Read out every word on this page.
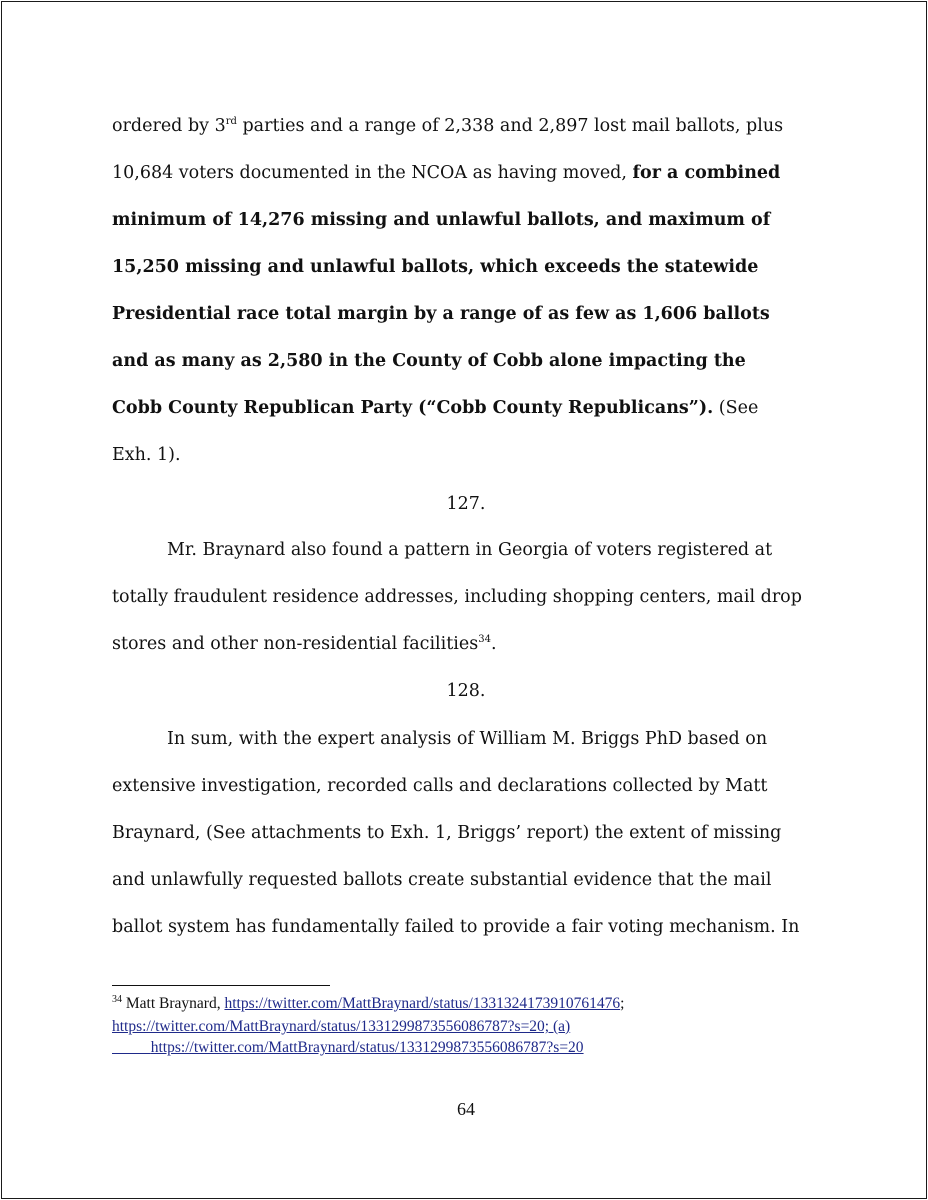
ordered by 3rd parties and a range of 2,338 and 2,897 lost mail ballots, plus
10,684 voters documented in the NCOA as having moved, for a combined
minimum of 14,276 missing and unlawful ballots, and maximum of
15,250 missing and unlawful ballots, which exceeds the statewide
Presidential race total margin by a range of as few as 1,606 ballots
and as many as 2,580 in the County of Cobb alone impacting the
Cobb County Republican Party (“Cobb County Republicans”). (See
Exh. 1).
127.
Mr. Braynard also found a pattern in Georgia of voters registered at
totally fraudulent residence addresses, including shopping centers, mail drop
stores and other non-residential facilities$^{34}$.
128.
In sum, with the expert analysis of William M. Briggs PhD based on
extensive investigation, recorded calls and declarations collected by Matt
Braynard, (See attachments to Exh. 1, Briggs’ report) the extent of missing
and unlawfully requested ballots create substantial evidence that the mail
ballot system has fundamentally failed to provide a fair voting mechanism. In
$^{34}$ Matt Braynard, https://twitter.com/MattBraynard/status/1331324173910761476;
https://twitter.com/MattBraynard/status/1331299873556086787?s=20; (a)
https://twitter.com/MattBraynard/status/1331299873556086787?s=20
64
